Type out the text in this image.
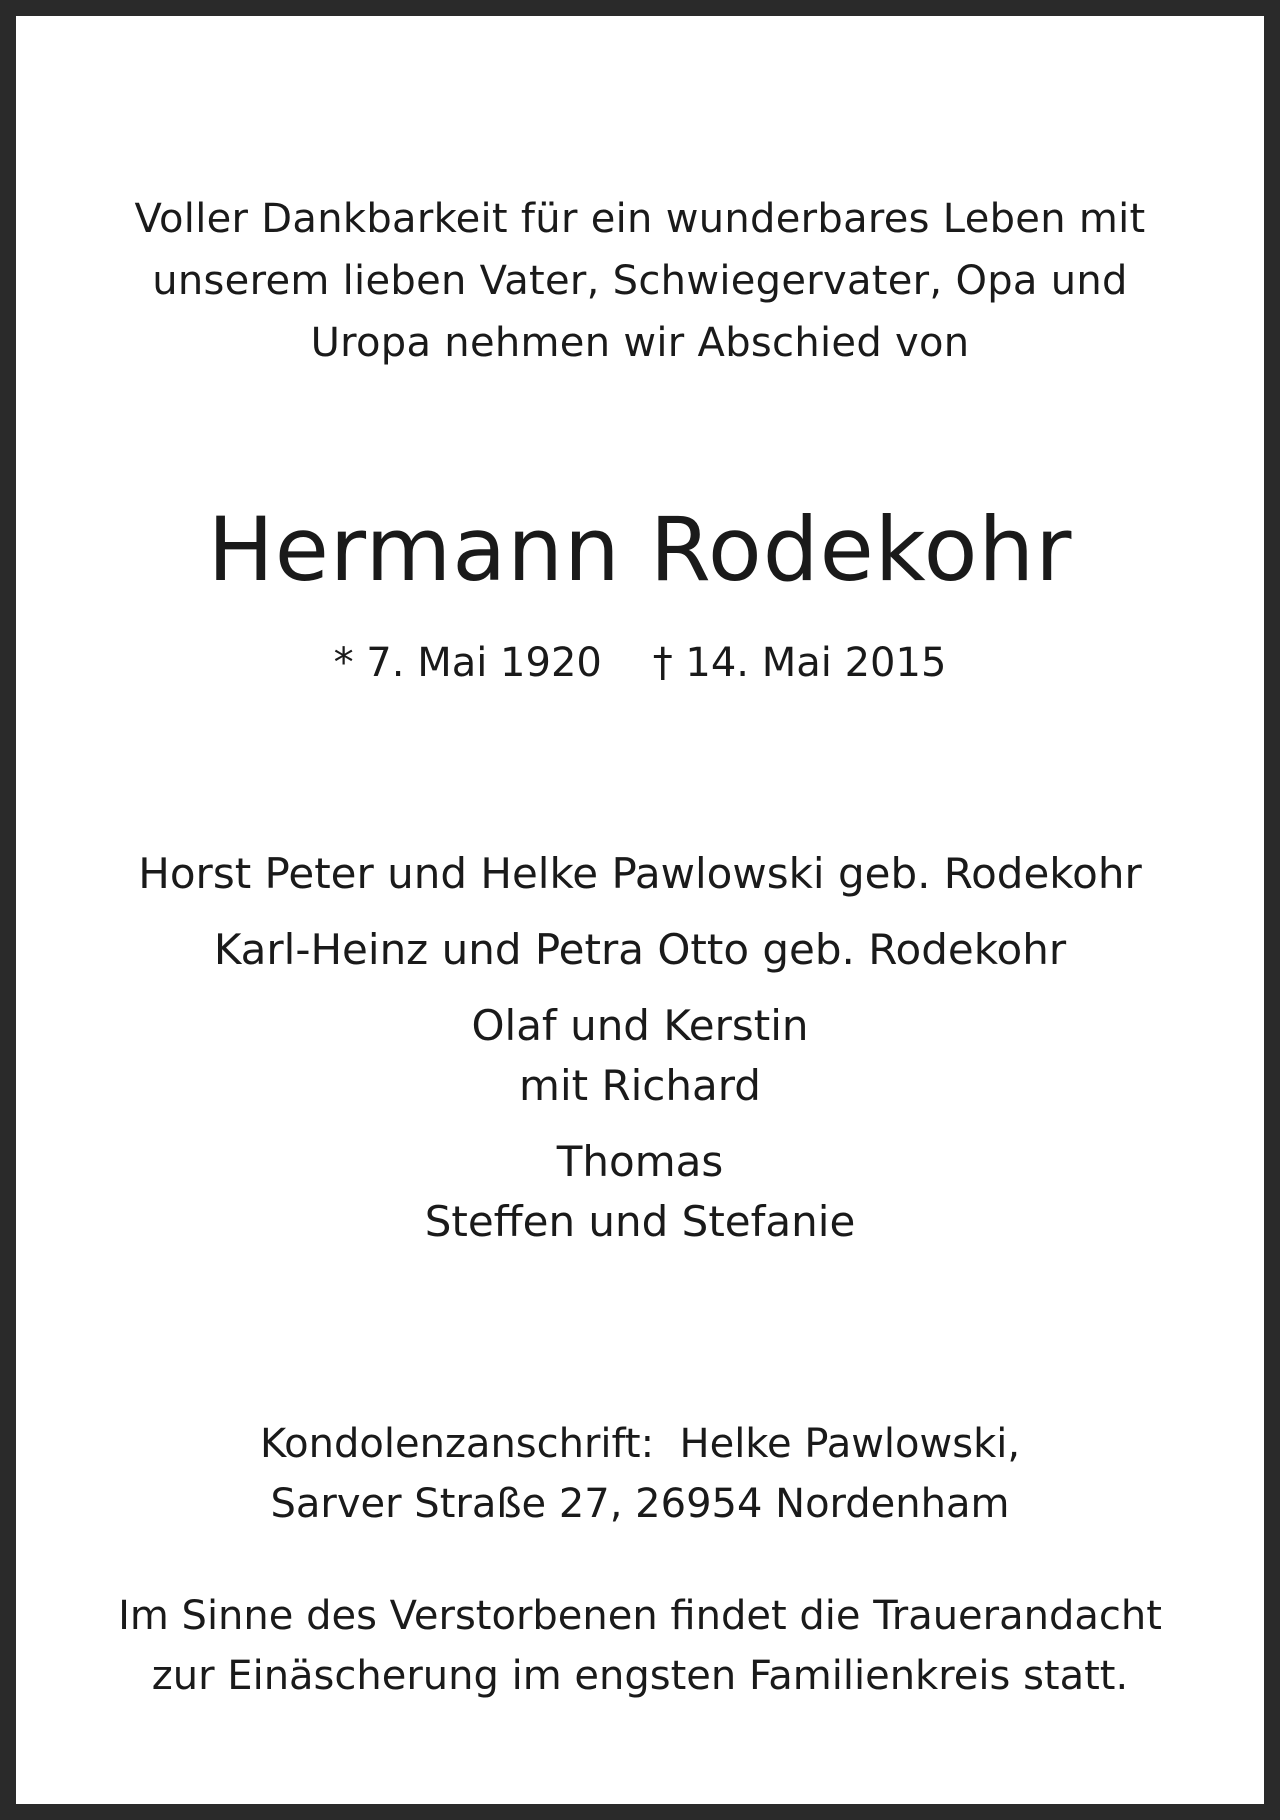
Voller Dankbarkeit für ein wunderbares Leben mit
unserem lieben Vater, Schwiegervater, Opa und
Uropa nehmen wir Abschied von
Hermann Rodekohr
* 7. Mai 1920    † 14. Mai 2015
Horst Peter und Helke Pawlowski geb. Rodekohr
Karl-Heinz und Petra Otto geb. Rodekohr
Olaf und Kerstin
mit Richard
Thomas
Steffen und Stefanie
Kondolenzanschrift:  Helke Pawlowski,
Sarver Straße 27, 26954 Nordenham
Im Sinne des Verstorbenen findet die Trauerandacht
zur Einäscherung im engsten Familienkreis statt.
